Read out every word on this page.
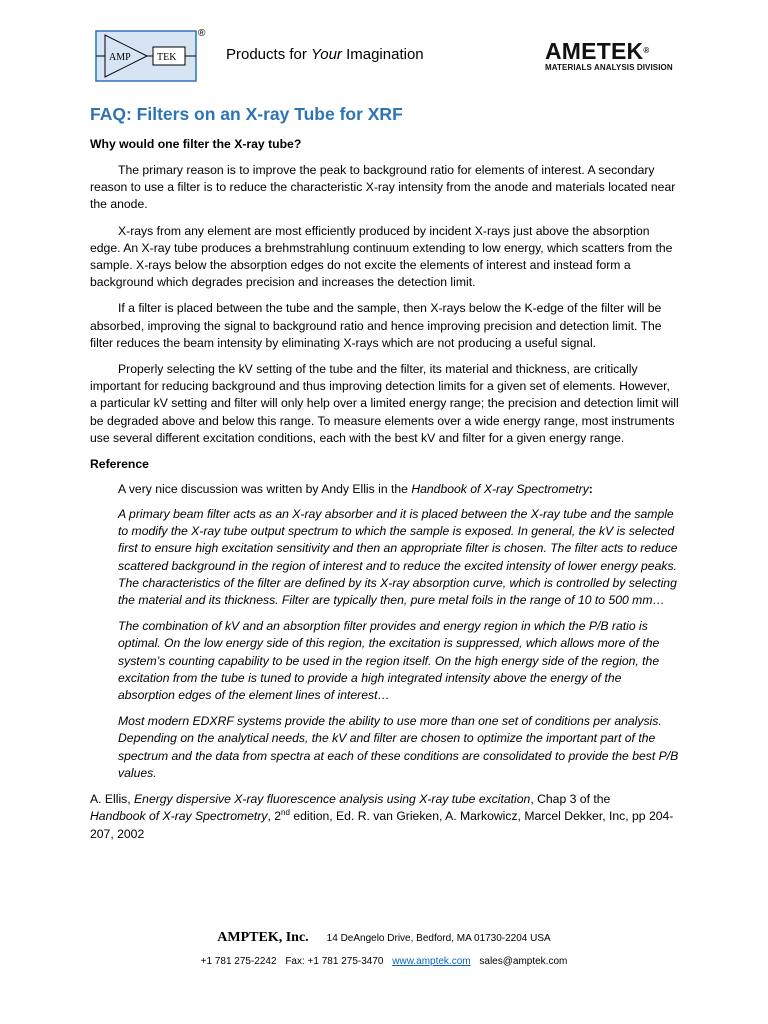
AMP	TEK
®
Products for Your Imagination	AMETEK®
MATERIALS ANALYSIS DIVISION
FAQ: Filters on an X-ray Tube for XRF

Why would one filter the X-ray tube?

The primary reason is to improve the peak to background ratio for elements of interest. A secondary reason to use a filter is to reduce the characteristic X-ray intensity from the anode and materials located near the anode.

X-rays from any element are most efficiently produced by incident X-rays just above the absorption edge. An X-ray tube produces a brehmstrahlung continuum extending to low energy, which scatters from the sample. X-rays below the absorption edges do not excite the elements of interest and instead form a background which degrades precision and increases the detection limit.

If a filter is placed between the tube and the sample, then X-rays below the K-edge of the filter will be absorbed, improving the signal to background ratio and hence improving precision and detection limit. The filter reduces the beam intensity by eliminating X-rays which are not producing a useful signal.

Properly selecting the kV setting of the tube and the filter, its material and thickness, are critically important for reducing background and thus improving detection limits for a given set of elements. However, a particular kV setting and filter will only help over a limited energy range; the precision and detection limit will be degraded above and below this range. To measure elements over a wide energy range, most instruments use several different excitation conditions, each with the best kV and filter for a given energy range.

Reference

A very nice discussion was written by Andy Ellis in the Handbook of X-ray Spectrometry:

A primary beam filter acts as an X-ray absorber and it is placed between the X-ray tube and the sample to modify the X-ray tube output spectrum to which the sample is exposed. In general, the kV is selected first to ensure high excitation sensitivity and then an appropriate filter is chosen. The filter acts to reduce scattered background in the region of interest and to reduce the excited intensity of lower energy peaks. The characteristics of the filter are defined by its X-ray absorption curve, which is controlled by selecting the material and its thickness. Filter are typically then, pure metal foils in the range of 10 to 500 mm…

The combination of kV and an absorption filter provides and energy region in which the P/B ratio is optimal. On the low energy side of this region, the excitation is suppressed, which allows more of the system’s counting capability to be used in the region itself. On the high energy side of the region, the excitation from the tube is tuned to provide a high integrated intensity above the energy of the absorption edges of the element lines of interest…

Most modern EDXRF systems provide the ability to use more than one set of conditions per analysis. Depending on the analytical needs, the kV and filter are chosen to optimize the important part of the spectrum and the data from spectra at each of these conditions are consolidated to provide the best P/B values.

A. Ellis, Energy dispersive X-ray fluorescence analysis using X-ray tube excitation, Chap 3 of the
Handbook of X-ray Spectrometry, 2nd edition, Ed. R. van Grieken, A. Markowicz, Marcel Dekker, Inc, pp 204-207, 2002

AMPTEK, Inc. 14 DeAngelo Drive, Bedford, MA 01730-2204 USA
+1 781 275-2242 Fax: +1 781 275-3470 www.amptek.com sales@amptek.com
